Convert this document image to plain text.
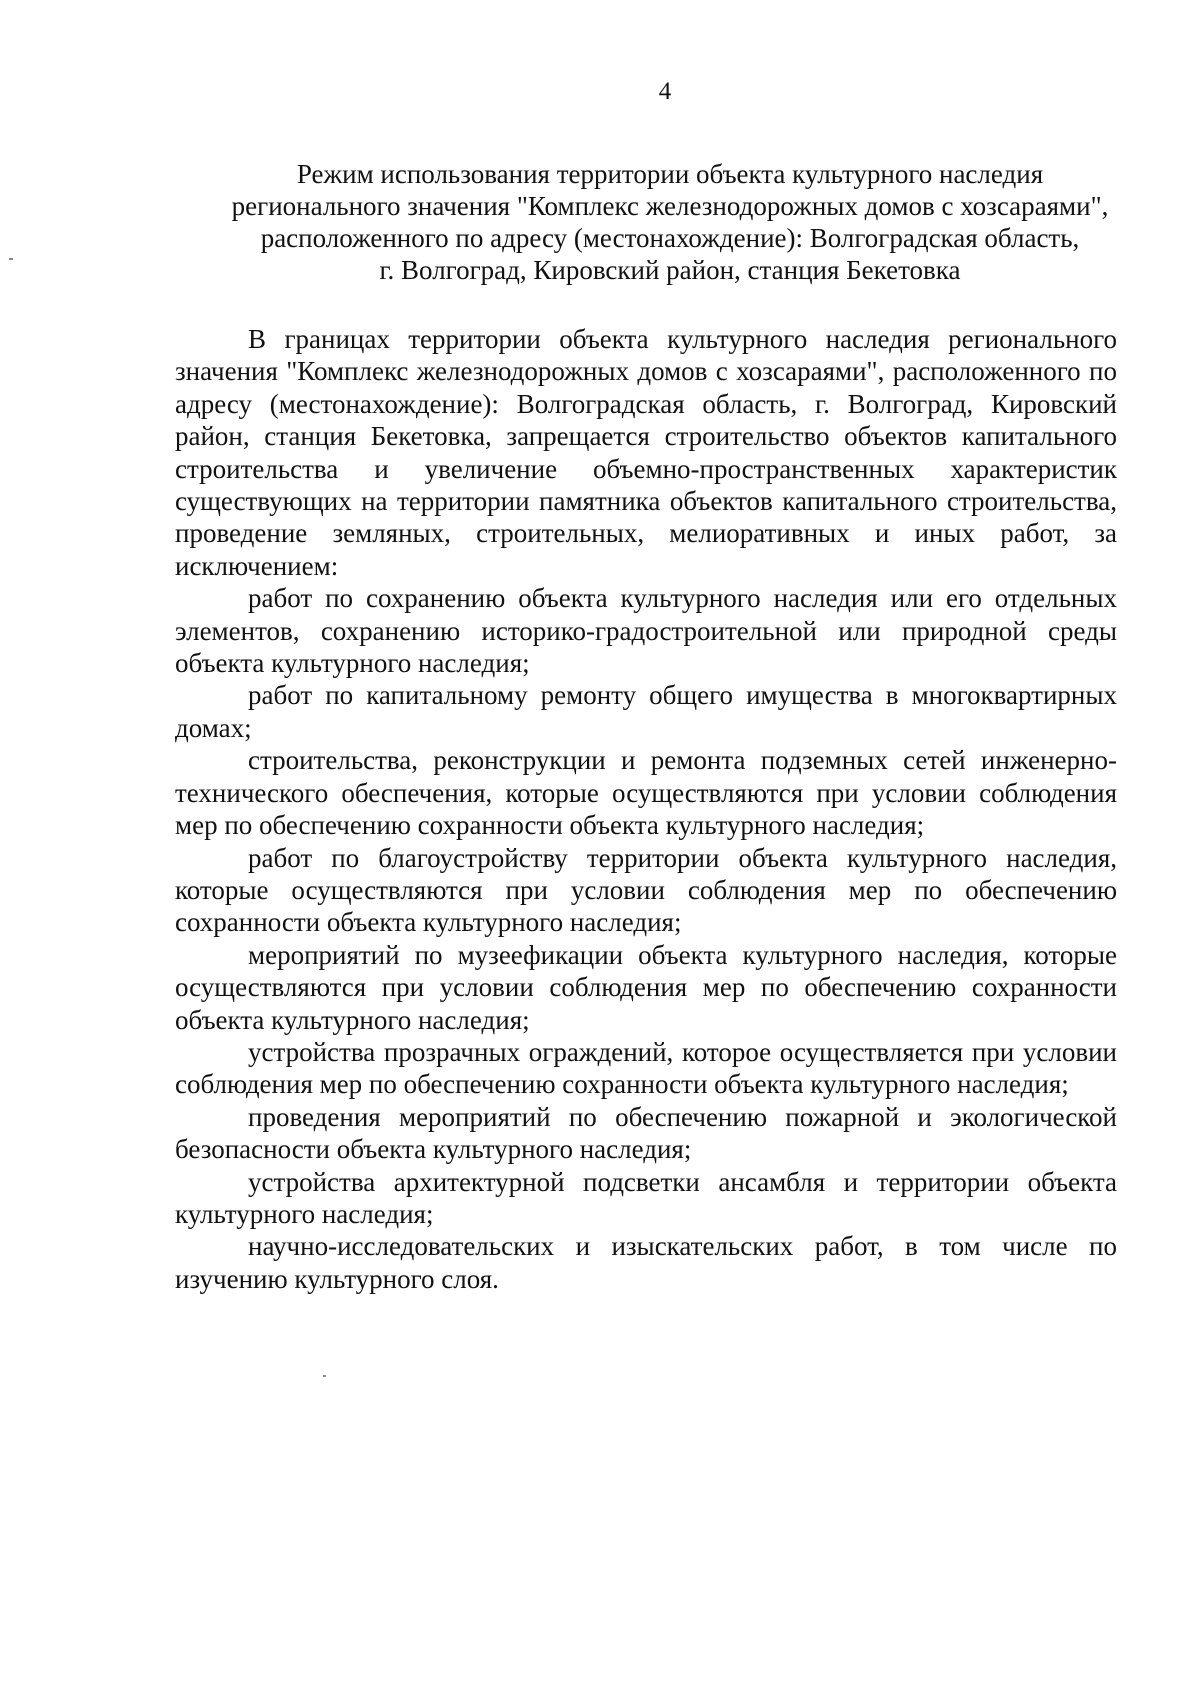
4
Режим использования территории объекта культурного наследия
регионального значения "Комплекс железнодорожных домов с хозсараями",
расположенного по адресу (местонахождение): Волгоградская область,
г. Волгоград, Кировский район, станция Бекетовка

В границах территории объекта культурного наследия регионального значения "Комплекс железнодорожных домов с хозсараями", расположенного по адресу (местонахождение): Волгоградская область, г. Волгоград, Кировский район, станция Бекетовка, запрещается строительство объектов капитального строительства и увеличение объемно-пространственных характеристик существующих на территории памятника объектов капитального строительства, проведение земляных, строительных, мелиоративных и иных работ, за исключением:

работ по сохранению объекта культурного наследия или его отдельных элементов, сохранению историко-градостроительной или природной среды объекта культурного наследия;

работ по капитальному ремонту общего имущества в многоквартирных домах;

строительства, реконструкции и ремонта подземных сетей инженерно-технического обеспечения, которые осуществляются при условии соблюдения мер по обеспечению сохранности объекта культурного наследия;

работ по благоустройству территории объекта культурного наследия, которые осуществляются при условии соблюдения мер по обеспечению сохранности объекта культурного наследия;

мероприятий по музеефикации объекта культурного наследия, которые осуществляются при условии соблюдения мер по обеспечению сохранности объекта культурного наследия;

устройства прозрачных ограждений, которое осуществляется при условии соблюдения мер по обеспечению сохранности объекта культурного наследия;

проведения мероприятий по обеспечению пожарной и экологической безопасности объекта культурного наследия;

устройства архитектурной подсветки ансамбля и территории объекта культурного наследия;

научно-исследовательских и изыскательских работ, в том числе по изучению культурного слоя.
